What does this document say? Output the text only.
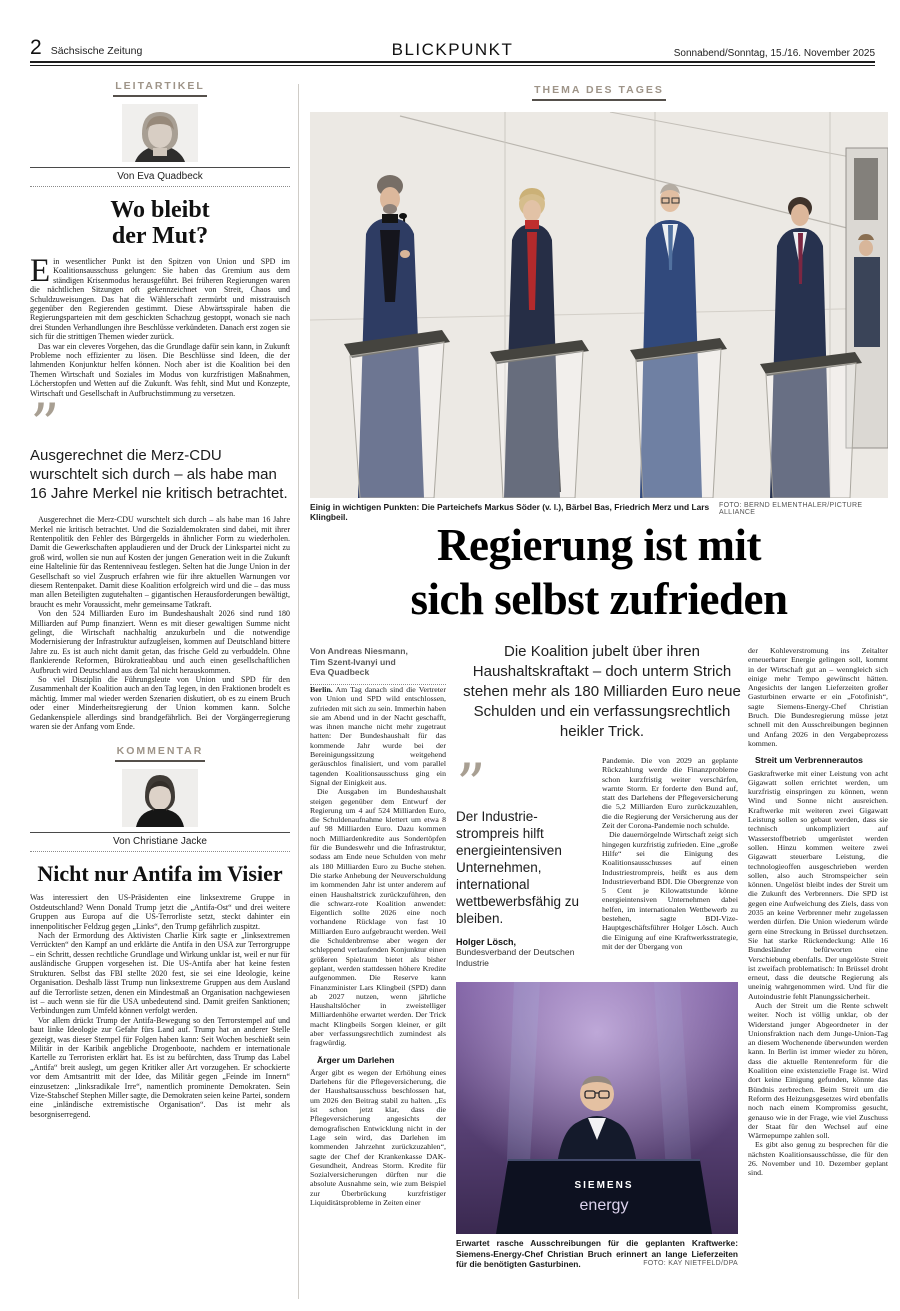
2 Sächsische Zeitung	BLICKPUNKT	Sonnabend/Sonntag, 15./16. November 2025
LEITARTIKEL
Von Eva Quadbeck
Wo bleibt
der Mut?

Ein wesentlicher Punkt ist den Spitzen von Union und SPD im Koalitionsausschuss gelungen: Sie haben das Gremium aus dem ständigen Krisenmodus herausgeführt. Bei früheren Regierungen waren die nächtlichen Sitzungen oft gekennzeichnet von Streit, Chaos und Schuldzuweisungen. Das hat die Wählerschaft zermürbt und misstrauisch gegenüber den Regierenden gestimmt. Diese Abwärtsspirale haben die Regierungsparteien mit dem geschickten Schachzug gestoppt, wonach sie nach drei Stunden Verhandlungen ihre Beschlüsse verkündeten. Danach erst zogen sie sich für die strittigen Themen wieder zurück.

Das war ein cleveres Vorgehen, das die Grundlage dafür sein kann, in Zukunft Probleme noch effizienter zu lösen. Die Beschlüsse sind Ideen, die der lahmenden Konjunktur helfen können. Noch aber ist die Koalition bei den Themen Wirtschaft und Soziales im Modus von kurzfristigen Maßnahmen, Löcherstopfen und Wetten auf die Zukunft. Was fehlt, sind Mut und Konzepte, Wirtschaft und Gesellschaft in Aufbruchstimmung zu versetzen.

”
Ausgerechnet die Merz-CDU wurschtelt sich durch – als habe man 16 Jahre Merkel nie kritisch betrachtet.

Ausgerechnet die Merz-CDU wurschtelt sich durch – als habe man 16 Jahre Merkel nie kritisch betrachtet. Und die Sozialdemokraten sind dabei, mit ihrer Rentenpolitik den Fehler des Bürgergelds in ähnlicher Form zu wiederholen. Damit die Gewerkschaften applaudieren und der Druck der Linkspartei nicht zu groß wird, wollen sie nun auf Kosten der jungen Generation weit in die Zukunft eine Haltelinie für das Rentenniveau festlegen. Selten hat die Junge Union in der Gesellschaft so viel Zuspruch erfahren wie für ihre aktuellen Warnungen vor diesem Rentenpaket. Damit diese Koalition erfolgreich wird und die – das muss man allen Beteiligten zugutehalten – gigantischen Herausforderungen bewältigt, braucht es mehr Voraussicht, mehr gemeinsame Tatkraft.

Von den 524 Milliarden Euro im Bundeshaushalt 2026 sind rund 180 Milliarden auf Pump finanziert. Wenn es mit dieser gewaltigen Summe nicht gelingt, die Wirtschaft nachhaltig anzukurbeln und die notwendige Modernisierung der Infrastruktur aufzugleisen, kommen auf Deutschland bittere Jahre zu. Es ist auch nicht damit getan, das frische Geld zu verbuddeln. Ohne flankierende Reformen, Bürokratieabbau und auch einen gesellschaftlichen Aufbruch wird Deutschland aus dem Tal nicht herauskommen.

So viel Disziplin die Führungsleute von Union und SPD für den Zusammenhalt der Koalition auch an den Tag legen, in den Fraktionen brodelt es mächtig. Immer mal wieder werden Szenarien diskutiert, ob es zu einem Bruch oder einer Minderheitsregierung der Union kommen kann. Solche Gedankenspiele allerdings sind brandgefährlich. Bei der Vorgängerregierung waren sie der Anfang vom Ende.

KOMMENTAR
Von Christiane Jacke
Nicht nur Antifa im Visier

Was interessiert den US-Präsidenten eine linksextreme Gruppe in Ostdeutschland? Wenn Donald Trump jetzt die „Antifa-Ost“ und drei weitere Gruppen aus Europa auf die US-Terrorliste setzt, steckt dahinter ein innenpolitischer Feldzug gegen „Links“, den Trump gefährlich zuspitzt.

Nach der Ermordung des Aktivisten Charlie Kirk sagte er „linksextremen Verrückten“ den Kampf an und erklärte die Antifa in den USA zur Terrorgruppe – ein Schritt, dessen rechtliche Grundlage und Wirkung unklar ist, weil er nur für ausländische Gruppen vorgesehen ist. Die US-Antifa aber hat keine festen Strukturen. Selbst das FBI stellte 2020 fest, sie sei eine Ideologie, keine Organisation. Deshalb lässt Trump nun linksextreme Gruppen aus dem Ausland auf die Terrorliste setzen, denen ein Mindestmaß an Organisation nachgewiesen ist – auch wenn sie für die USA unbedeutend sind. Damit greifen Sanktionen; Verbindungen zum Umfeld können verfolgt werden.

Vor allem drückt Trump der Antifa-Bewegung so den Terrorstempel auf und baut linke Ideologie zur Gefahr fürs Land auf. Trump hat an anderer Stelle gezeigt, was dieser Stempel für Folgen haben kann: Seit Wochen beschießt sein Militär in der Karibik angebliche Drogenboote, nachdem er internationale Kartelle zu Terroristen erklärt hat. Es ist zu befürchten, dass Trump das Label „Antifa“ breit auslegt, um gegen Kritiker aller Art vorzugehen. Er schockierte vor dem Amtsantritt mit der Idee, das Militär gegen „Feinde im Innern“ einzusetzen: „linksradikale Irre“, namentlich prominente Demokraten. Sein Vize-Stabschef Stephen Miller sagte, die Demokraten seien keine Partei, sondern eine „inländische extremistische Organisation“. Das ist mehr als besorgniserregend.

THEMA DES TAGES
Einig in wichtigen Punkten: Die Parteichefs Markus Söder (v. l.), Bärbel Bas, Friedrich Merz und Lars Klingbeil.
FOTO: BERND ELMENTHALER/PICTURE ALLIANCE
Regierung ist mit
sich selbst zufrieden
Von Andreas Niesmann,
Tim Szent-Ivanyi und
Eva Quadbeck
Die Koalition jubelt über ihren Haushaltskraftakt – doch unterm Strich stehen mehr als 180 Milliarden Euro neue Schulden und ein verfassungsrechtlich heikler Trick.

Berlin. Am Tag danach sind die Vertreter von Union und SPD wild entschlossen, zufrieden mit sich zu sein. Immerhin haben sie am Abend und in der Nacht geschafft, was ihnen manche nicht mehr zugetraut hatten: Der Bundeshaushalt für das kommende Jahr wurde bei der Bereinigungssitzung weitgehend geräuschlos finalisiert, und vom parallel tagenden Koalitionsausschuss ging ein Signal der Einigkeit aus.

Die Ausgaben im Bundeshaushalt steigen gegenüber dem Entwurf der Regierung um 4 auf 524 Milliarden Euro, die Schuldenaufnahme klettert um etwa 8 auf 98 Milliarden Euro. Dazu kommen noch Milliardenkredite aus Sondertöpfen für die Bundeswehr und die Infrastruktur, sodass am Ende neue Schulden von mehr als 180 Milliarden Euro zu Buche stehen. Die starke Anhebung der Neuverschuldung im kommenden Jahr ist unter anderem auf einen Haushaltstrick zurückzuführen, den die schwarz-rote Koalition anwendet: Eigentlich sollte 2026 eine noch vorhandene Rücklage von fast 10 Milliarden Euro aufgebraucht werden. Weil die Schuldenbremse aber wegen der schleppend verlaufenden Konjunktur einen größeren Spielraum bietet als bisher geplant, werden stattdessen höhere Kredite aufgenommen. Die Reserve kann Finanzminister Lars Klingbeil (SPD) dann ab 2027 nutzen, wenn jährliche Haushaltslöcher in zweistelliger Milliardenhöhe erwartet werden. Der Trick macht Klingbeils Sorgen kleiner, er gilt aber verfassungsrechtlich zumindest als fragwürdig.

Ärger um Darlehen

Ärger gibt es wegen der Erhöhung eines Darlehens für die Pflegeversicherung, die der Haushaltsausschuss beschlossen hat, um 2026 den Beitrag stabil zu halten. „Es ist schon jetzt klar, dass die Pflegeversicherung angesichts der demografischen Entwicklung nicht in der Lage sein wird, das Darlehen im kommenden Jahrzehnt zurückzuzahlen“, sagte der Chef der Krankenkasse DAK-Gesundheit, Andreas Storm. Kredite für Sozialversicherungen dürften nur die absolute Ausnahme sein, wie zum Beispiel zur Überbrückung kurzfristiger Liquiditätsprobleme in Zeiten einer

”
Der Industriestrompreis hilft energieintensiven Unternehmen, international wettbewerbsfähig zu bleiben.
Holger Lösch,
Bundesverband der Deutschen Industrie

Pandemie. Die von 2029 an geplante Rückzahlung werde die Finanzprobleme schon kurzfristig weiter verschärfen, warnte Storm. Er forderte den Bund auf, statt des Darlehens der Pflegeversicherung die 5,2 Milliarden Euro zurückzuzahlen, die die Regierung der Versicherung aus der Zeit der Corona-Pandemie noch schulde.

Die dauernörgelnde Wirtschaft zeigt sich hingegen kurzfristig zufrieden. Eine „große Hilfe“ sei die Einigung des Koalitionsausschusses auf einen Industriestrompreis, heißt es aus dem Industrieverband BDI. Die Obergrenze von 5 Cent je Kilowattstunde könne energieintensiven Unternehmen dabei helfen, im internationalen Wettbewerb zu bestehen, sagte BDI-Vize-Hauptgeschäftsführer Holger Lösch. Auch die Einigung auf eine Kraftwerksstrategie, mit der der Übergang von

der Kohleverstromung ins Zeitalter erneuerbarer Energie gelingen soll, kommt in der Wirtschaft gut an – wenngleich sich einige mehr Tempo gewünscht hätten. Angesichts der langen Lieferzeiten großer Gasturbinen erwarte er ein „Fotofinish“, sagte Siemens-Energy-Chef Christian Bruch. Die Bundesregierung müsse jetzt schnell mit den Ausschreibungen beginnen und Anfang 2026 in den Vergabeprozess kommen.

Streit um Verbrennerautos

Gaskraftwerke mit einer Leistung von acht Gigawatt sollen errichtet werden, um kurzfristig einspringen zu können, wenn Wind und Sonne nicht ausreichen. Kraftwerke mit weiteren zwei Gigawatt Leistung sollen so gebaut werden, dass sie technisch unkompliziert auf Wasserstoffbetrieb umgerüstet werden sollen. Hinzu kommen weitere zwei Gigawatt steuerbare Leistung, die technologieoffen ausgeschrieben werden sollen, also auch Stromspeicher sein können. Ungelöst bleibt indes der Streit um die Zukunft des Verbrenners. Die SPD ist gegen eine Aufweichung des Ziels, dass von 2035 an keine Verbrenner mehr zugelassen werden dürfen. Die Union wiederum würde gern eine Streckung in Brüssel durchsetzen. Sie hat starke Rückendeckung: Alle 16 Bundesländer befürworten eine Verschiebung ebenfalls. Der ungelöste Streit ist zweifach problematisch: In Brüssel droht erneut, dass die deutsche Regierung als uneinig wahrgenommen wird. Und für die Autoindustrie fehlt Planungssicherheit.

Auch der Streit um die Rente schwelt weiter. Noch ist völlig unklar, ob der Widerstand junger Abgeordneter in der Unionsfraktion nach dem Junge-Union-Tag an diesem Wochenende überwunden werden kann. In Berlin ist immer wieder zu hören, dass die aktuelle Rentenreform für die Koalition eine existenzielle Frage ist. Wird dort keine Einigung gefunden, könnte das Bündnis zerbrechen. Beim Streit um die Reform des Heizungsgesetzes wird ebenfalls noch nach einem Kompromiss gesucht, genauso wie in der Frage, wie viel Zuschuss der Staat für den Wechsel auf eine Wärmepumpe zahlen soll.

Es gibt also genug zu besprechen für die nächsten Koalitionsausschüsse, die für den 26. November und 10. Dezember geplant sind.

SIEMENS
energy
Erwartet rasche Ausschreibungen für die geplanten Kraftwerke: Siemens-Energy-Chef Christian Bruch erinnert an lange Lieferzeiten für die benötigten Gasturbinen.	FOTO: KAY NIETFELD/DPA
